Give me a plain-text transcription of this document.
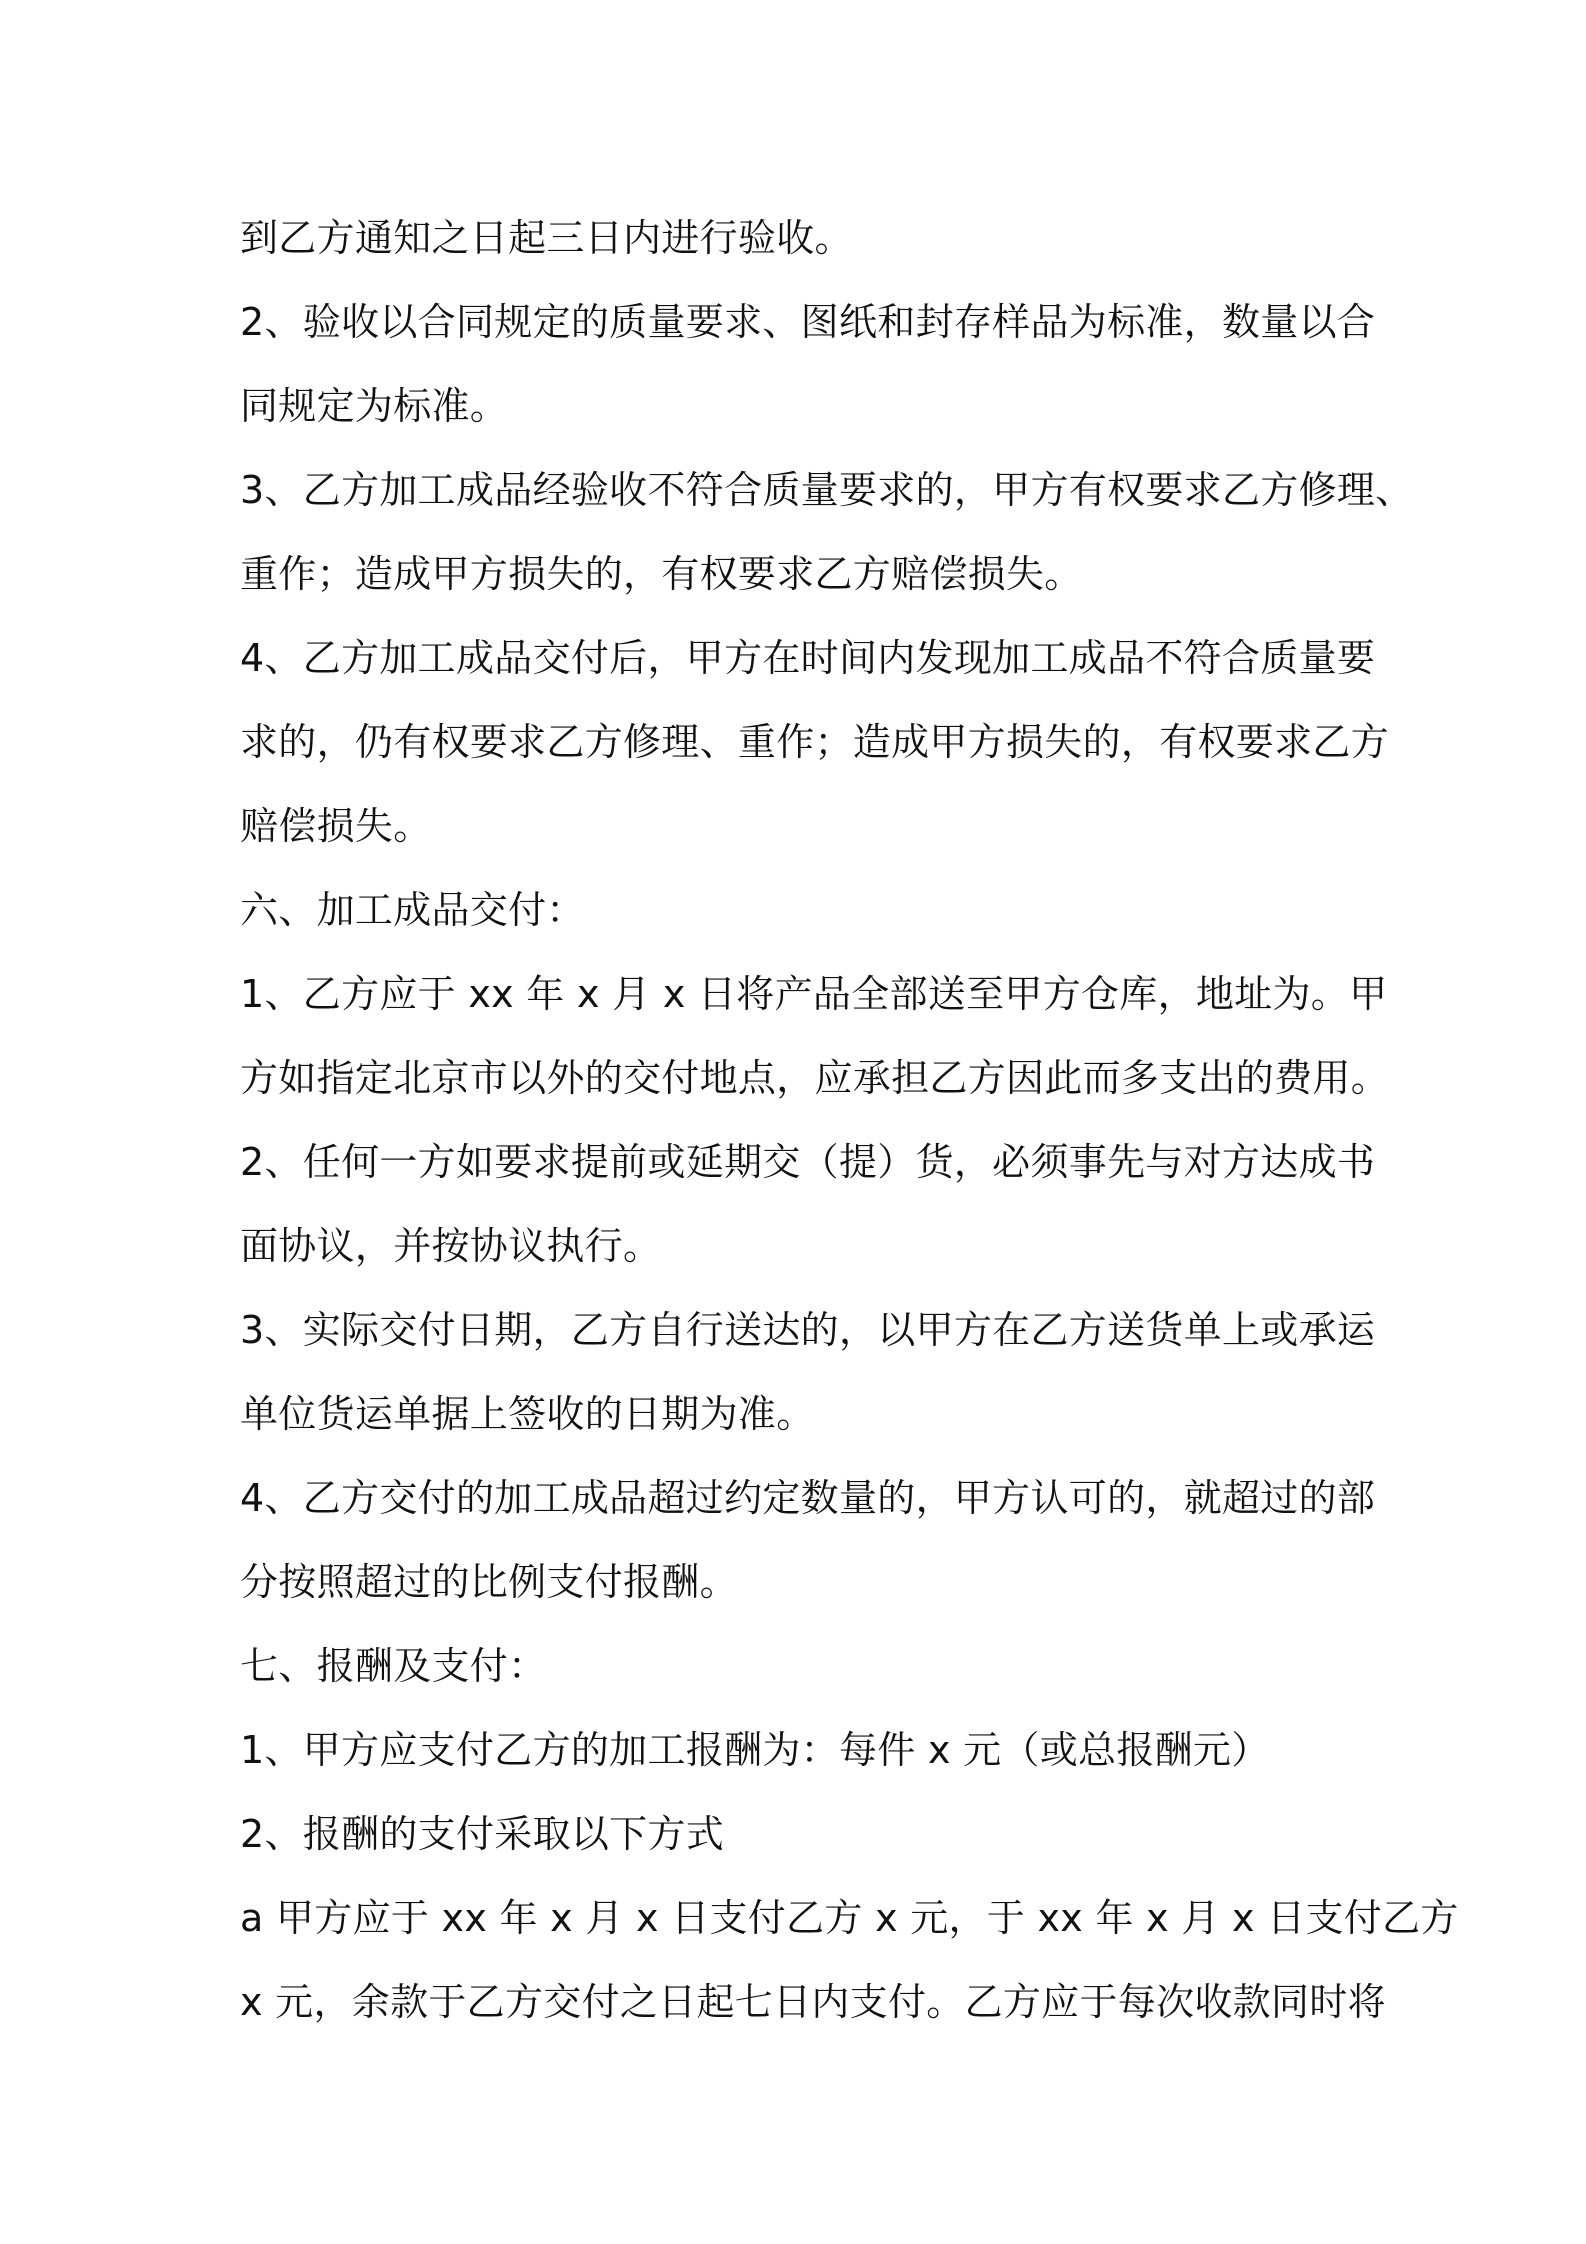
到乙方通知之日起三日内进行验收。
2、验收以合同规定的质量要求、图纸和封存样品为标准，数量以合
同规定为标准。
3、乙方加工成品经验收不符合质量要求的，甲方有权要求乙方修理、
重作；造成甲方损失的，有权要求乙方赔偿损失。
4、乙方加工成品交付后，甲方在时间内发现加工成品不符合质量要
求的，仍有权要求乙方修理、重作；造成甲方损失的，有权要求乙方
赔偿损失。
六、加工成品交付：
1、乙方应于 xx 年 x 月 x 日将产品全部送至甲方仓库，地址为。甲
方如指定北京市以外的交付地点，应承担乙方因此而多支出的费用。
2、任何一方如要求提前或延期交（提）货，必须事先与对方达成书
面协议，并按协议执行。
3、实际交付日期，乙方自行送达的，以甲方在乙方送货单上或承运
单位货运单据上签收的日期为准。
4、乙方交付的加工成品超过约定数量的，甲方认可的，就超过的部
分按照超过的比例支付报酬。
七、报酬及支付：
1、甲方应支付乙方的加工报酬为：每件 x 元（或总报酬元）
2、报酬的支付采取以下方式
a 甲方应于 xx 年 x 月 x 日支付乙方 x 元，于 xx 年 x 月 x 日支付乙方
x 元，余款于乙方交付之日起七日内支付。乙方应于每次收款同时将
